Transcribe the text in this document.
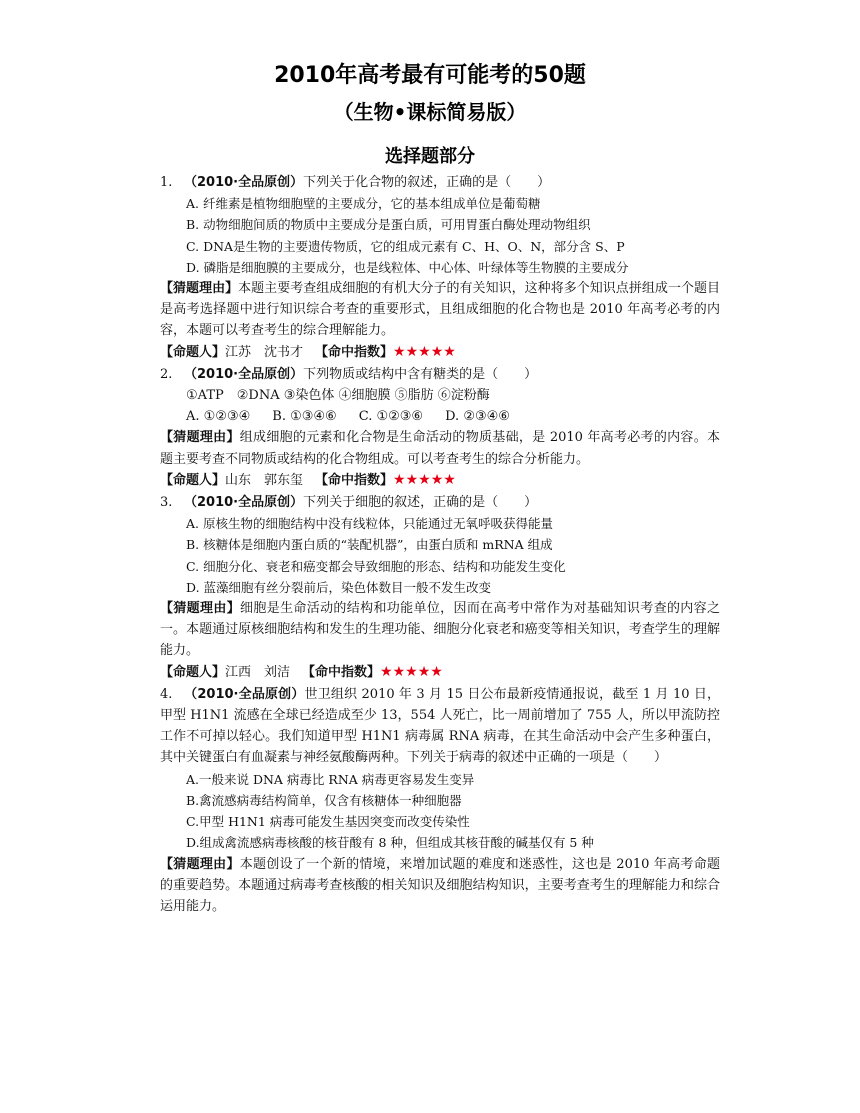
2010年高考最有可能考的50题
（生物•课标简易版）
选择题部分

1. （2010·全品原创）下列关于化合物的叙述，正确的是（　　）

A. 纤维素是植物细胞壁的主要成分，它的基本组成单位是葡萄糖

B. 动物细胞间质的物质中主要成分是蛋白质，可用胃蛋白酶处理动物组织

C. DNA是生物的主要遗传物质，它的组成元素有 C、H、O、N，部分含 S、P

D. 磷脂是细胞膜的主要成分，也是线粒体、中心体、叶绿体等生物膜的主要成分

【猜题理由】本题主要考查组成细胞的有机大分子的有关知识，这种将多个知识点拼组成一个题目是高考选择题中进行知识综合考查的重要形式，且组成细胞的化合物也是 2010 年高考必考的内容，本题可以考查考生的综合理解能力。

【命题人】江苏　沈书才 【命中指数】★★★★★

2. （2010·全品原创）下列物质或结构中含有糖类的是（　　）

①ATP　②DNA ③染色体 ④细胞膜 ⑤脂肪 ⑥淀粉酶

A. ①②③④ B. ①③④⑥ C. ①②③⑥ D. ②③④⑥

【猜题理由】组成细胞的元素和化合物是生命活动的物质基础，是 2010 年高考必考的内容。本题主要考查不同物质或结构的化合物组成。可以考查考生的综合分析能力。

【命题人】山东　郭东玺 【命中指数】★★★★★

3. （2010·全品原创）下列关于细胞的叙述，正确的是（　　）

A. 原核生物的细胞结构中没有线粒体，只能通过无氧呼吸获得能量

B. 核糖体是细胞内蛋白质的“装配机器”，由蛋白质和 mRNA 组成

C. 细胞分化、衰老和癌变都会导致细胞的形态、结构和功能发生变化

D. 蓝藻细胞有丝分裂前后，染色体数目一般不发生改变

【猜题理由】细胞是生命活动的结构和功能单位，因而在高考中常作为对基础知识考查的内容之一。本题通过原核细胞结构和发生的生理功能、细胞分化衰老和癌变等相关知识，考查学生的理解能力。

【命题人】江西　刘洁 【命中指数】★★★★★

4. （2010·全品原创）世卫组织 2010 年 3 月 15 日公布最新疫情通报说，截至 1 月 10 日，甲型 H1N1 流感在全球已经造成至少 13，554 人死亡，比一周前增加了 755 人，所以甲流防控工作不可掉以轻心。我们知道甲型 H1N1 病毒属 RNA 病毒，在其生命活动中会产生多种蛋白，其中关键蛋白有血凝素与神经氨酸酶两种。下列关于病毒的叙述中正确的一项是（　　）

A.一般来说 DNA 病毒比 RNA 病毒更容易发生变异

B.禽流感病毒结构简单，仅含有核糖体一种细胞器

C.甲型 H1N1 病毒可能发生基因突变而改变传染性

D.组成禽流感病毒核酸的核苷酸有 8 种，但组成其核苷酸的碱基仅有 5 种

【猜题理由】本题创设了一个新的情境，来增加试题的难度和迷惑性，这也是 2010 年高考命题的重要趋势。本题通过病毒考查核酸的相关知识及细胞结构知识，主要考查考生的理解能力和综合运用能力。
